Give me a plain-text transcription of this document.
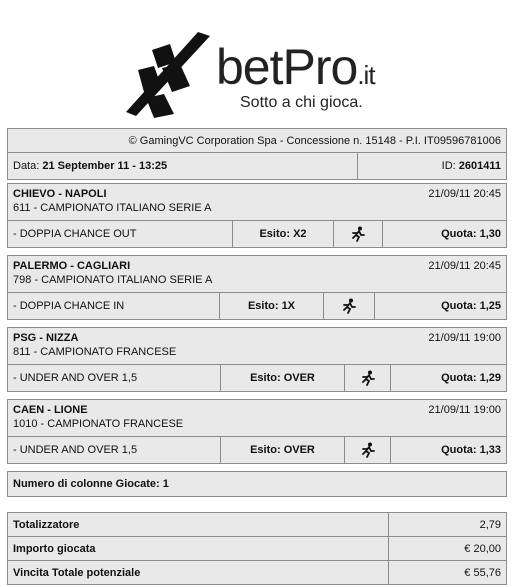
betPro.it
Sotto a chi gioca.
© GamingVC Corporation Spa - Concessione n. 15148 - P.I. IT09596781006
Data:
21 September 11 - 13:25	ID:
2601411
CHIEVO - NAPOLI	21/09/11 20:45
611 - CAMPIONATO ITALIANO SERIE A
- DOPPIA CHANCE OUT	Esito: X2	Quota: 1,30
PALERMO - CAGLIARI	21/09/11 20:45
798 - CAMPIONATO ITALIANO SERIE A
- DOPPIA CHANCE IN	Esito: 1X	Quota: 1,25
PSG - NIZZA	21/09/11 19:00
811 - CAMPIONATO FRANCESE
- UNDER AND OVER 1,5	Esito: OVER	Quota: 1,29
CAEN - LIONE	21/09/11 19:00
1010 - CAMPIONATO FRANCESE
- UNDER AND OVER 1,5	Esito: OVER	Quota: 1,33
Numero di colonne Giocate: 1
Totalizzatore	2,79
Importo giocata	€ 20,00
Vincita Totale potenziale	€ 55,76
